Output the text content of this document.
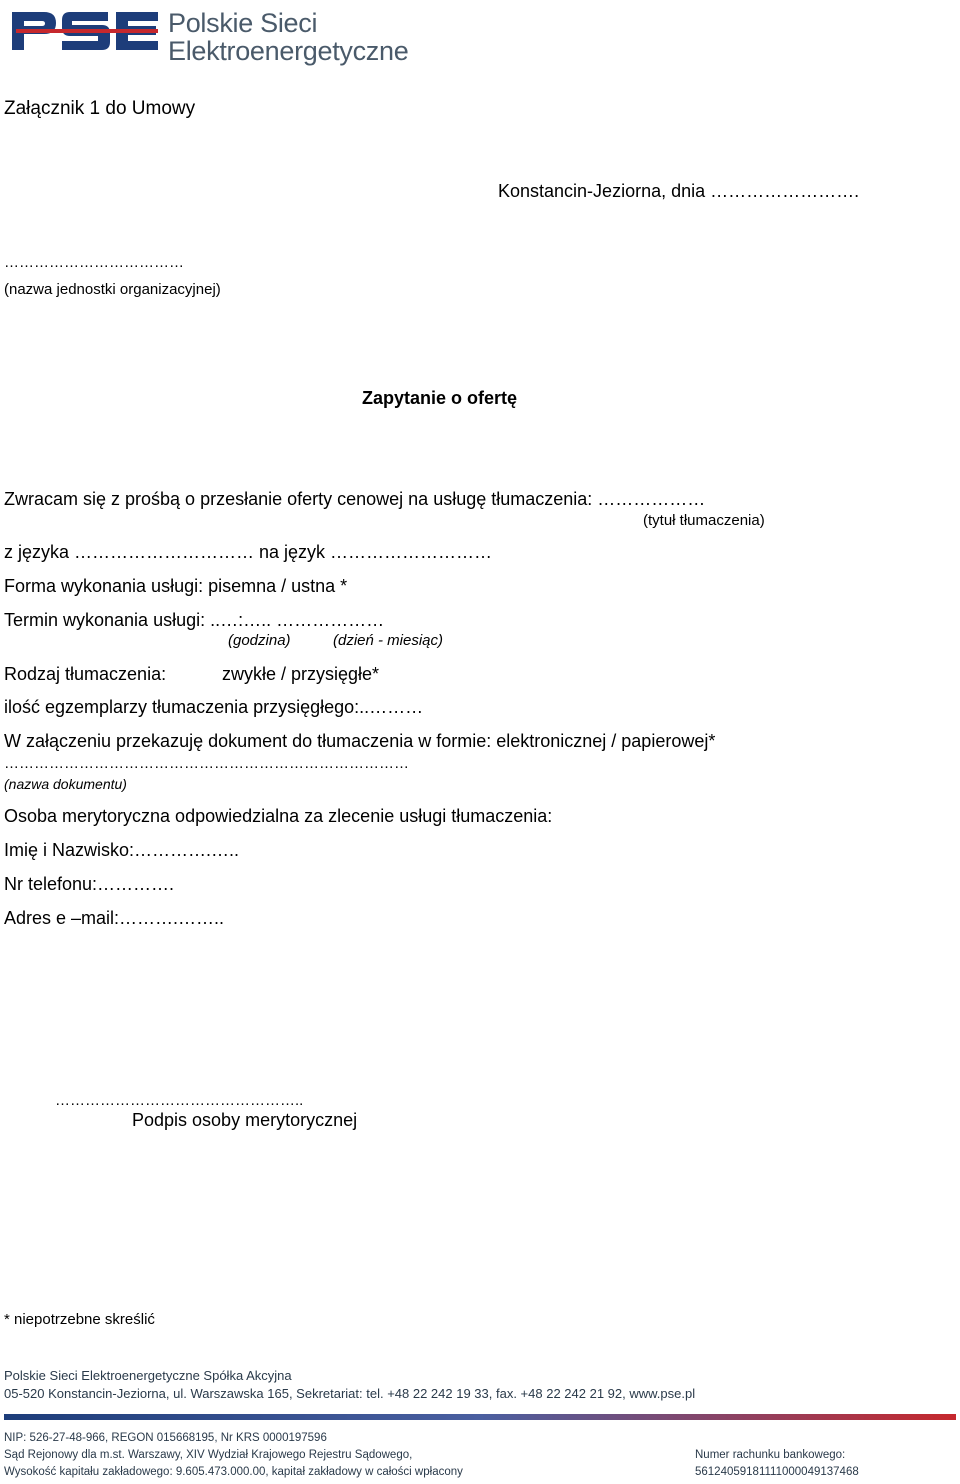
Polskie Sieci
Elektroenergetyczne
Załącznik 1 do Umowy
Konstancin-Jeziorna, dnia …………………….
………………………………
(nazwa jednostki organizacyjnej)
Zapytanie o ofertę
Zwracam się z prośbą o przesłanie oferty cenowej na usługę tłumaczenia: ………………
(tytuł tłumaczenia)
z języka ………………………… na język ………………………
Forma wykonania usługi: pisemna / ustna *
Termin wykonania usługi: ..…:….. ………………
(godzina)	(dzień - miesiąc)
Rodzaj tłumaczenia:	zwykłe / przysięgłe*
ilość egzemplarzy tłumaczenia przysięgłego:..………
W załączeniu przekazuję dokument do tłumaczenia w formie: elektronicznej / papierowej*
………………………………………………………………………
(nazwa dokumentu)
Osoba merytoryczna odpowiedzialna za zlecenie usługi tłumaczenia:
Imię i Nazwisko:………….…..
Nr telefonu:………….
Adres e –mail:……….……..
…………………………………………..
Podpis osoby merytorycznej
* niepotrzebne skreślić
Polskie Sieci Elektroenergetyczne Spółka Akcyjna
05-520 Konstancin-Jeziorna, ul. Warszawska 165, Sekretariat: tel. +48 22 242 19 33, fax. +48 22 242 21 92, www.pse.pl
NIP: 526-27-48-966, REGON 015668195, Nr KRS 0000197596
Sąd Rejonowy dla m.st. Warszawy, XIV Wydział Krajowego Rejestru Sądowego,
Wysokość kapitału zakładowego: 9.605.473.000.00, kapitał zakładowy w całości wpłacony
Numer rachunku bankowego:
56124059181111000049137468
